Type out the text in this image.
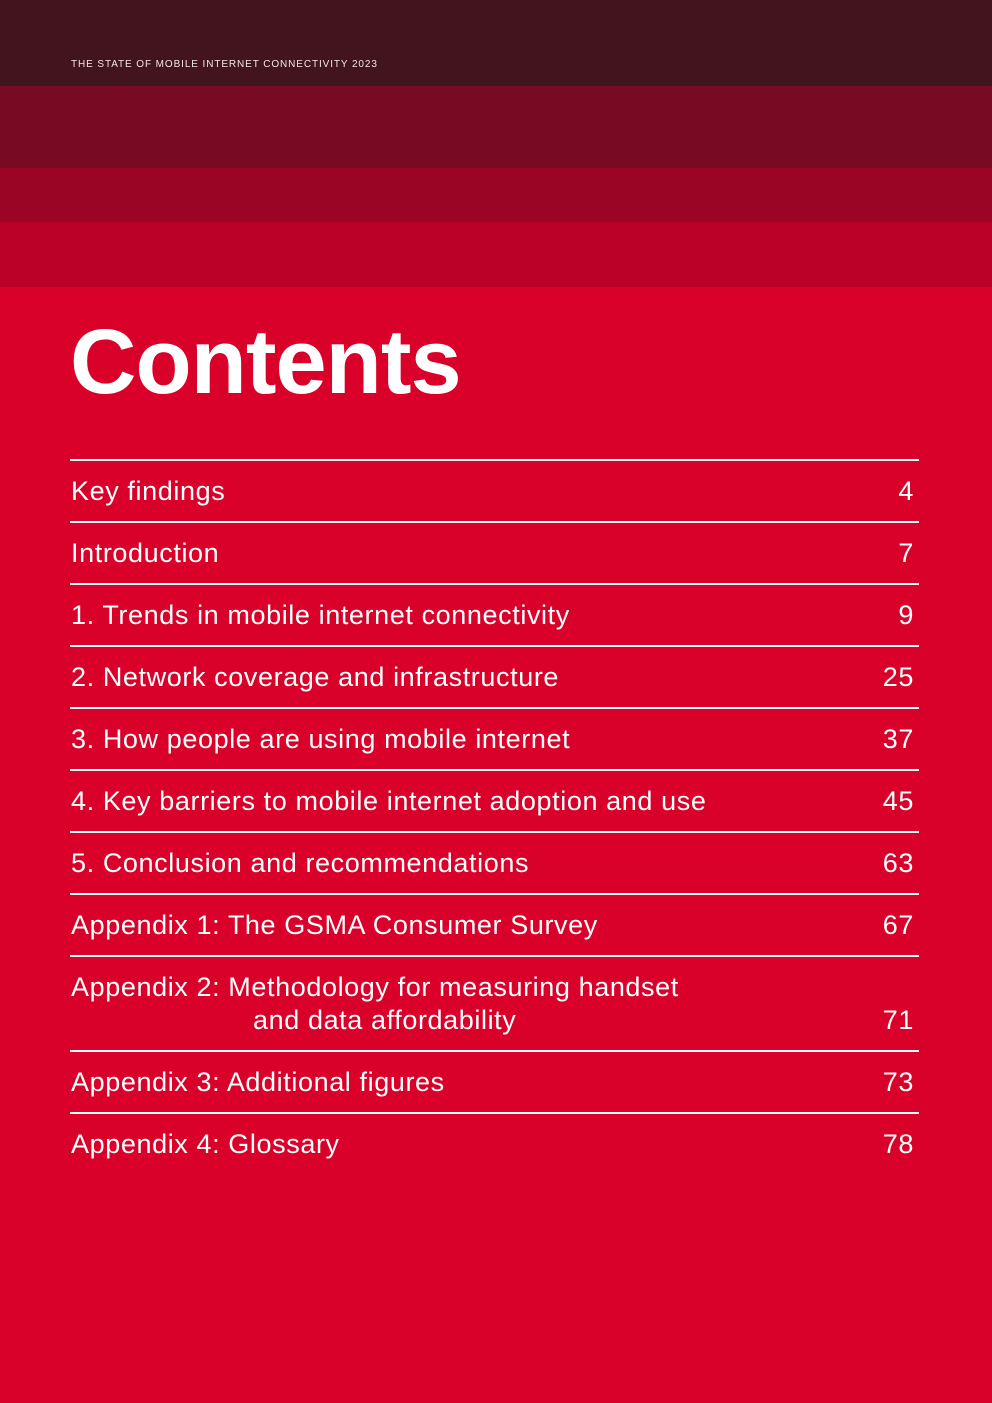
THE STATE OF MOBILE INTERNET CONNECTIVITY 2023
Contents
Key findings	4
Introduction	7
1. Trends in mobile internet connectivity	9
2. Network coverage and infrastructure	25
3. How people are using mobile internet	37
4. Key barriers to mobile internet adoption and use	45
5. Conclusion and recommendations	63
Appendix 1: The GSMA Consumer Survey	67
Appendix 2: Methodology for measuring handset
and data affordability	71
Appendix 3: Additional figures	73
Appendix 4: Glossary	78
